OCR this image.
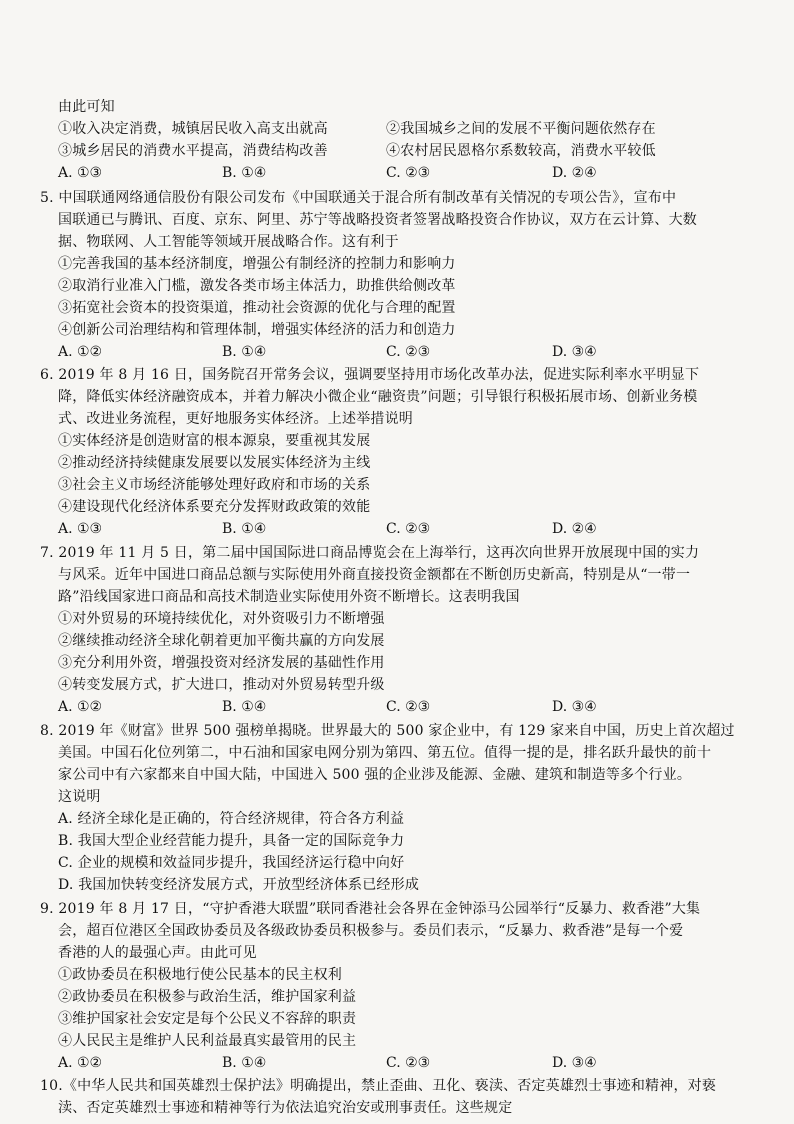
由此可知
①收入决定消费，城镇居民收入高支出就高	②我国城乡之间的发展不平衡问题依然存在
③城乡居民的消费水平提高，消费结构改善	④农村居民恩格尔系数较高，消费水平较低
A. ①③	B. ①④	C. ②③	D. ②④
5. 中国联通网络通信股份有限公司发布《中国联通关于混合所有制改革有关情况的专项公告》，宣布中
国联通已与腾讯、百度、京东、阿里、苏宁等战略投资者签署战略投资合作协议，双方在云计算、大数
据、物联网、人工智能等领域开展战略合作。这有利于
①完善我国的基本经济制度，增强公有制经济的控制力和影响力
②取消行业准入门槛，激发各类市场主体活力，助推供给侧改革
③拓宽社会资本的投资渠道，推动社会资源的优化与合理的配置
④创新公司治理结构和管理体制，增强实体经济的活力和创造力
A. ①②	B. ①④	C. ②③	D. ③④
6. 2019 年 8 月 16 日，国务院召开常务会议，强调要坚持用市场化改革办法，促进实际利率水平明显下
降，降低实体经济融资成本，并着力解决小微企业“融资贵”问题；引导银行积极拓展市场、创新业务模
式、改进业务流程，更好地服务实体经济。上述举措说明
①实体经济是创造财富的根本源泉，要重视其发展
②推动经济持续健康发展要以发展实体经济为主线
③社会主义市场经济能够处理好政府和市场的关系
④建设现代化经济体系要充分发挥财政政策的效能
A. ①③	B. ①④	C. ②③	D. ②④
7. 2019 年 11 月 5 日，第二届中国国际进口商品博览会在上海举行，这再次向世界开放展现中国的实力
与风采。近年中国进口商品总额与实际使用外商直接投资金额都在不断创历史新高，特别是从“一带一
路”沿线国家进口商品和高技术制造业实际使用外资不断增长。这表明我国
①对外贸易的环境持续优化，对外资吸引力不断增强
②继续推动经济全球化朝着更加平衡共赢的方向发展
③充分利用外资，增强投资对经济发展的基础性作用
④转变发展方式，扩大进口，推动对外贸易转型升级
A. ①②	B. ①④	C. ②③	D. ③④
8. 2019 年《财富》世界 500 强榜单揭晓。世界最大的 500 家企业中，有 129 家来自中国，历史上首次超过
美国。中国石化位列第二，中石油和国家电网分别为第四、第五位。值得一提的是，排名跃升最快的前十
家公司中有六家都来自中国大陆，中国进入 500 强的企业涉及能源、金融、建筑和制造等多个行业。
这说明
A. 经济全球化是正确的，符合经济规律，符合各方利益
B. 我国大型企业经营能力提升，具备一定的国际竞争力
C. 企业的规模和效益同步提升，我国经济运行稳中向好
D. 我国加快转变经济发展方式，开放型经济体系已经形成
9. 2019 年 8 月 17 日，“守护香港大联盟”联同香港社会各界在金钟添马公园举行“反暴力、救香港”大集
会，超百位港区全国政协委员及各级政协委员积极参与。委员们表示，“反暴力、救香港”是每一个爱
香港的人的最强心声。由此可见
①政协委员在积极地行使公民基本的民主权利
②政协委员在积极参与政治生活，维护国家利益
③维护国家社会安定是每个公民义不容辞的职责
④人民民主是维护人民利益最真实最管用的民主
A. ①②	B. ①④	C. ②③	D. ③④
10.《中华人民共和国英雄烈士保护法》明确提出，禁止歪曲、丑化、亵渎、否定英雄烈士事迹和精神，对亵
渎、否定英雄烈士事迹和精神等行为依法追究治安或刑事责任。这些规定
